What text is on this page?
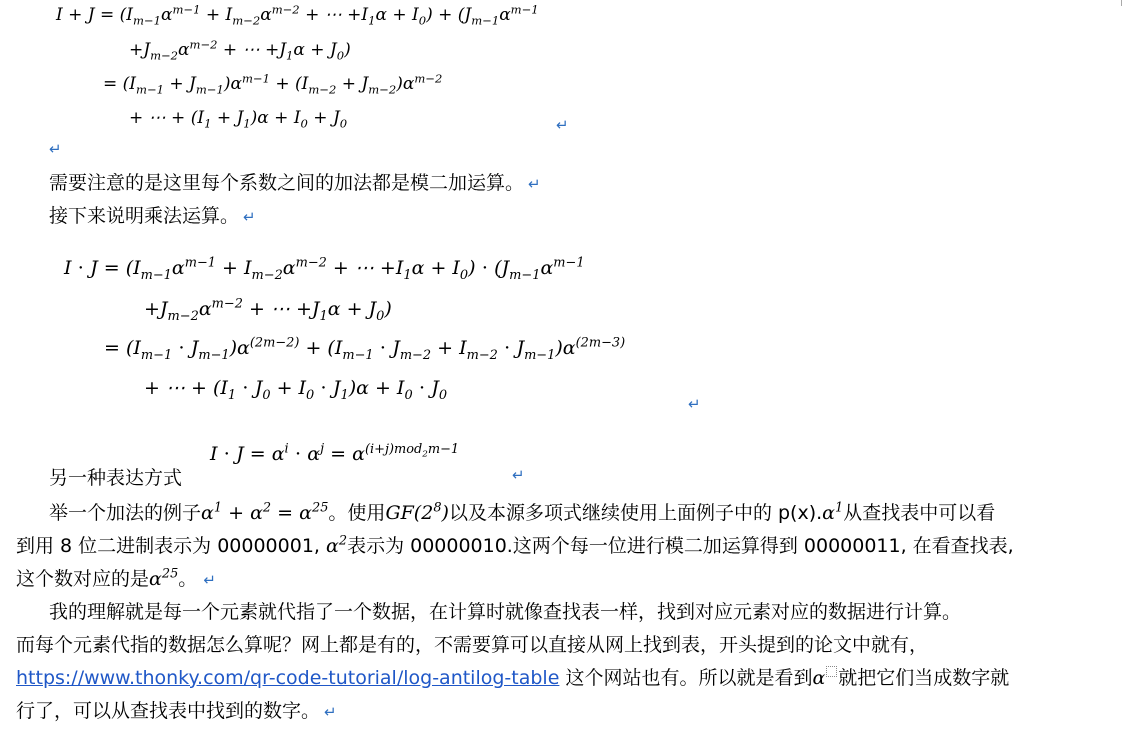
$I + J = (I_{m-1}\alpha^{m-1} + I_{m-2}\alpha^{m-2}$ + ⋯ $+I_1\alpha + I_0) + (J_{m-1}\alpha^{m-1}$
$+J_{m-2}\alpha^{m-2}$ + ⋯ $+J_1\alpha + J_0$)
= $(I_{m-1} + J_{m-1})\alpha^{m-1} + (I_{m-2} + J_{m-2})\alpha^{m-2}$
+ ⋯ + $(I_1 + J_1)\alpha + I_0 + J_0$	↵
↵
需要注意的是这里每个系数之间的加法都是模二加运算。 ↵
接下来说明乘法运算。 ↵
$I \cdot J = (I_{m-1}\alpha^{m-1} + I_{m-2}\alpha^{m-2}$ + ⋯ $+I_1\alpha + I_0) \cdot (J_{m-1}\alpha^{m-1}$
$+J_{m-2}\alpha^{m-2}$ + ⋯ $+J_1\alpha + J_0$)
= $(I_{m-1} \cdot J_{m-1})\alpha^{(2m-2)} + (I_{m-1} \cdot J_{m-2} + I_{m-2} \cdot J_{m-1})\alpha^{(2m-3)}$
+ ⋯ + $(I_1 \cdot J_0 + I_0 \cdot J_1)\alpha + I_0 \cdot J_0$	↵
另一种表达方式
$I \cdot J = \alpha^i \cdot \alpha^j = \alpha^{(i+j)mod_2m-1}$
↵
举一个加法的例子$\alpha^1 + \alpha^2 = \alpha^{25}$。使用$GF(2^8)$以及本源多项式继续使用上面例子中的 $p(x).\alpha^1$从查找表中可以看
到用 8 位二进制表示为 00000001, $\alpha^2$表示为 00000010.这两个每一位进行模二加运算得到 00000011, 在看查找表,
这个数对应的是$\alpha^{25}$。 ↵
我的理解就是每一个元素就代指了一个数据，在计算时就像查找表一样，找到对应元素对应的数据进行计算。
而每个元素代指的数据怎么算呢？网上都是有的，不需要算可以直接从网上找到表，开头提到的论文中就有，
https://www.thonky.com/qr-code-tutorial/log-antilog-table 这个网站也有。所以就是看到α 就把它们当成数字就
行了，可以从查找表中找到的数字。 ↵
